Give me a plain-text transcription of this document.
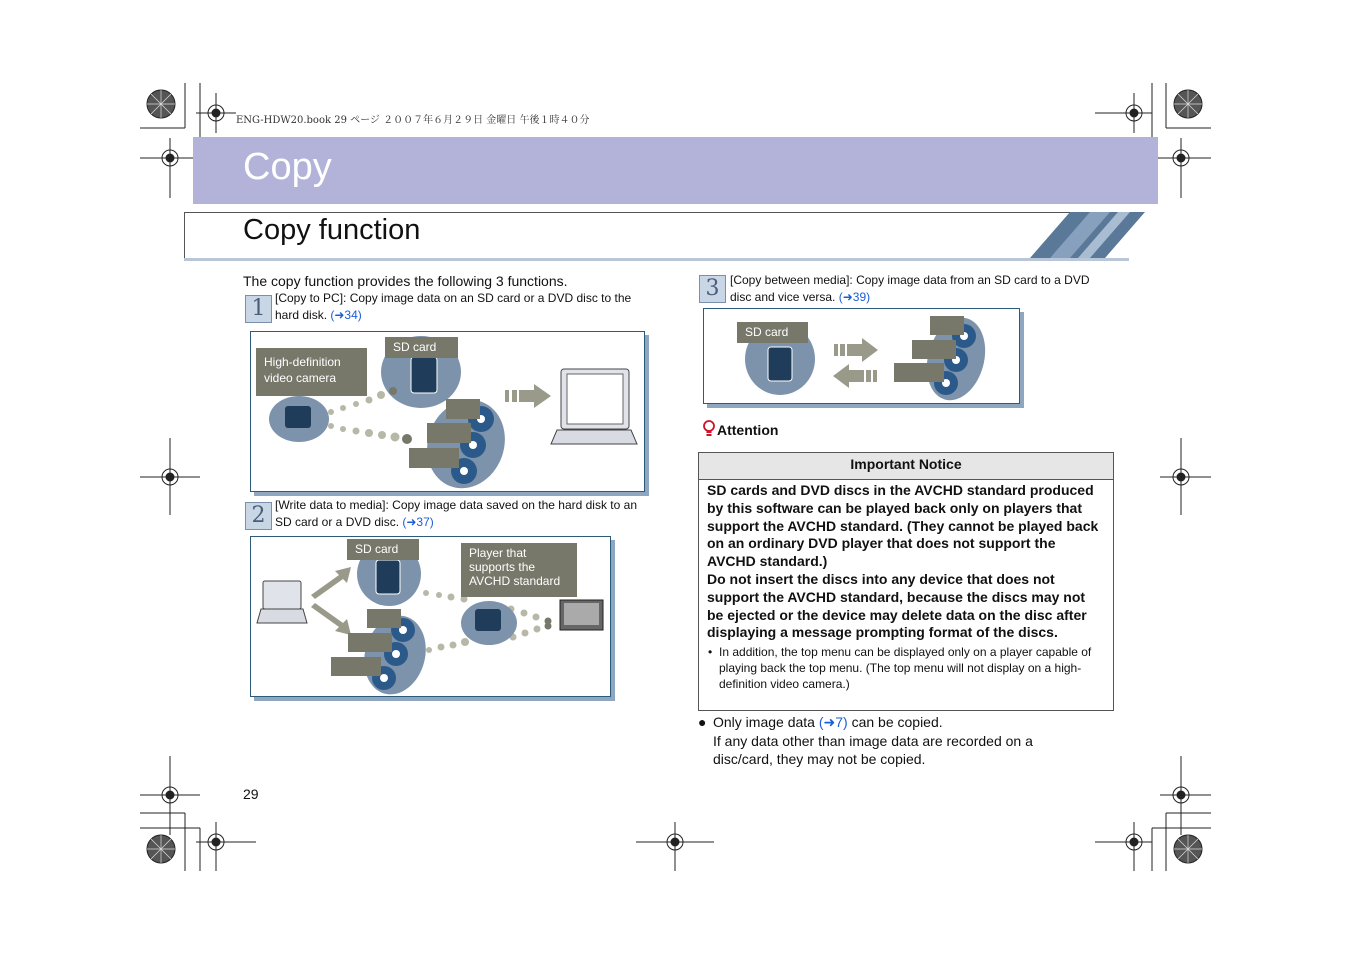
ENG-HDW20.book 29 ページ ２００７年６月２９日 金曜日 午後１時４０分
Copy
Copy function
The copy function provides the following 3 functions.
1 [Copy to PC]: Copy image data on an SD card or a DVD disc to the hard disk. (➜34)
High-definition video camera
SD card
2 [Write data to media]: Copy image data saved on the hard disk to an SD card or a DVD disc. (➜37)
SD card	Player that supports the AVCHD standard
3 [Copy between media]: Copy image data from an SD card to a DVD disc and vice versa. (➜39)
SD card
Attention
Important Notice
SD cards and DVD discs in the AVCHD standard produced by this software can be played back only on players that support the AVCHD standard. (They cannot be played back on an ordinary DVD player that does not support the AVCHD standard.)
Do not insert the discs into any device that does not support the AVCHD standard, because the discs may not be ejected or the device may delete data on the disc after displaying a message prompting format of the discs.
• In addition, the top menu can be displayed only on a player capable of playing back the top menu. (The top menu will not display on a high-definition video camera.)
● Only image data (➜7) can be copied.
If any data other than image data are recorded on a disc/card, they may not be copied.
29
